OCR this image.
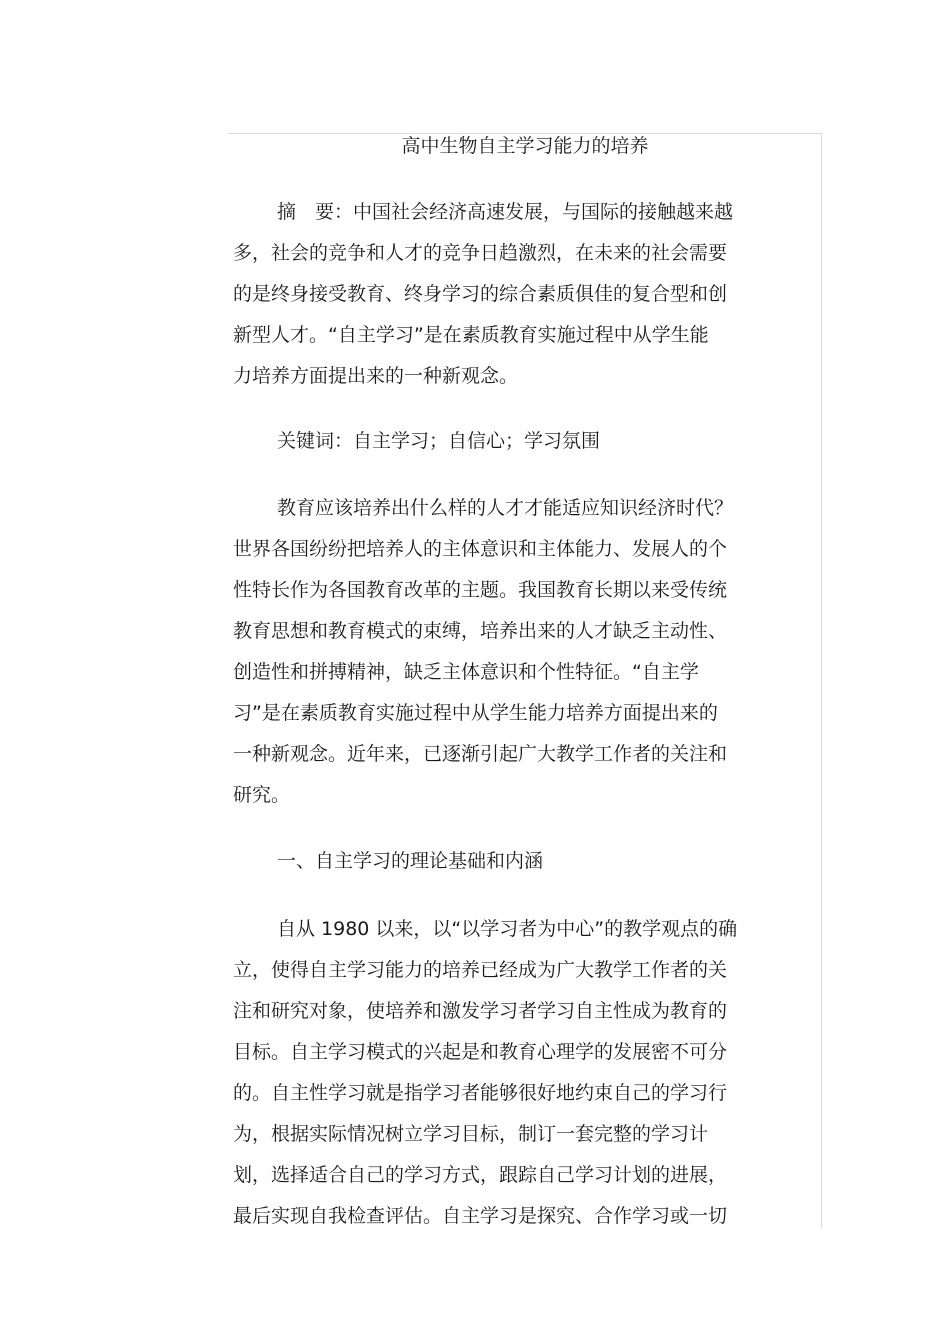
高中生物自主学习能力的培养
摘　要：中国社会经济高速发展，与国际的接触越来越
多，社会的竞争和人才的竞争日趋激烈，在未来的社会需要
的是终身接受教育、终身学习的综合素质俱佳的复合型和创
新型人才。“自主学习”是在素质教育实施过程中从学生能
力培养方面提出来的一种新观念。
关键词：自主学习；自信心；学习氛围
教育应该培养出什么样的人才才能适应知识经济时代？
世界各国纷纷把培养人的主体意识和主体能力、发展人的个
性特长作为各国教育改革的主题。我国教育长期以来受传统
教育思想和教育模式的束缚，培养出来的人才缺乏主动性、
创造性和拼搏精神，缺乏主体意识和个性特征。“自主学
习”是在素质教育实施过程中从学生能力培养方面提出来的
一种新观念。近年来，已逐渐引起广大教学工作者的关注和
研究。
一、自主学习的理论基础和内涵
自从 1980 以来，以“以学习者为中心”的教学观点的确
立，使得自主学习能力的培养已经成为广大教学工作者的关
注和研究对象，使培养和激发学习者学习自主性成为教育的
目标。自主学习模式的兴起是和教育心理学的发展密不可分
的。自主性学习就是指学习者能够很好地约束自己的学习行
为，根据实际情况树立学习目标，制订一套完整的学习计
划，选择适合自己的学习方式，跟踪自己学习计划的进展，
最后实现自我检查评估。自主学习是探究、合作学习或一切
